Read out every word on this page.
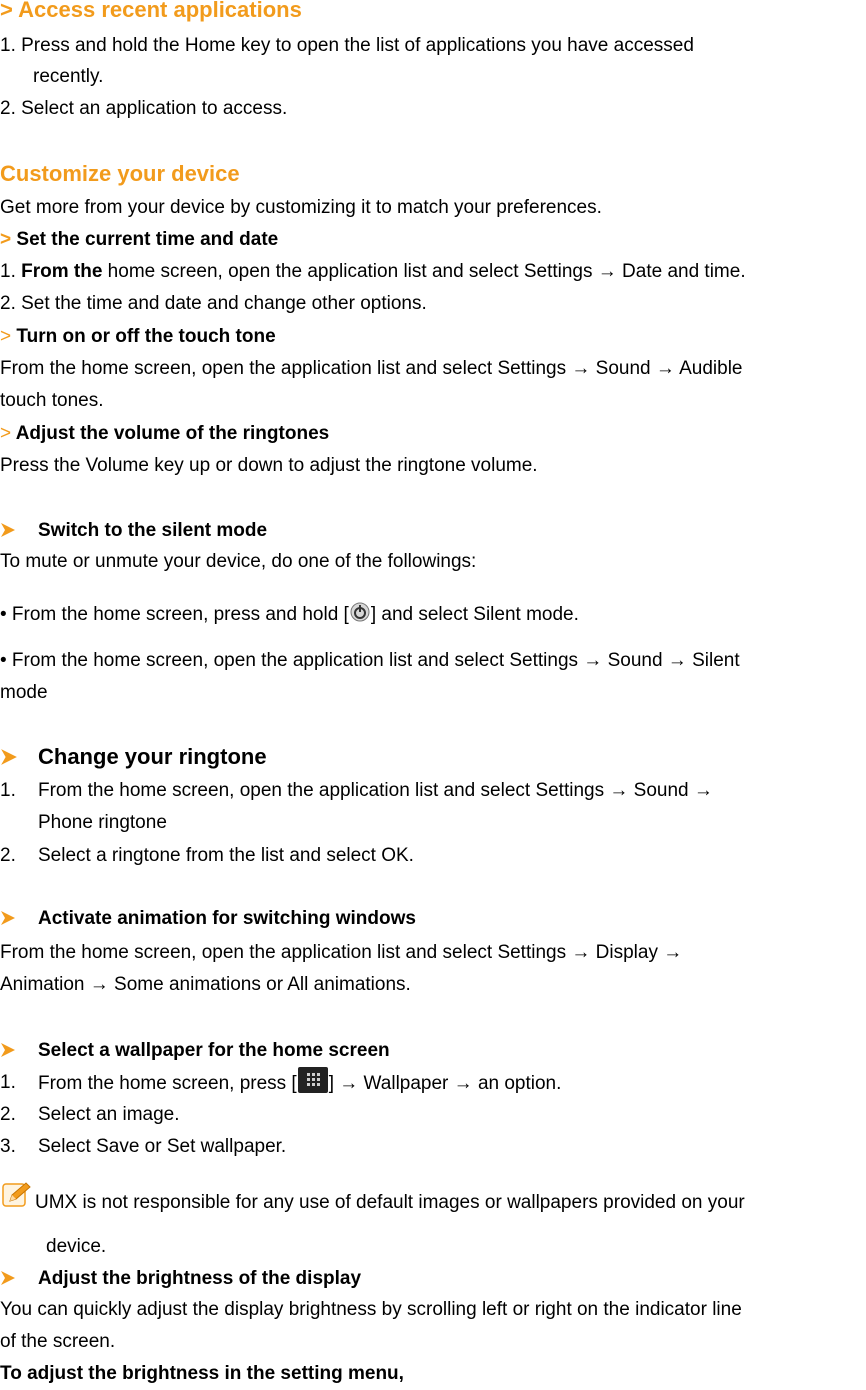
> Access recent applications
1. Press and hold the Home key to open the list of applications you have accessed
recently.
2. Select an application to access.
Customize your device
Get more from your device by customizing it to match your preferences.
> Set the current time and date
1. From the home screen, open the application list and select Settings → Date and time.
2. Set the time and date and change other options.
> Turn on or off the touch tone
From the home screen, open the application list and select Settings → Sound → Audible
touch tones.
> Adjust the volume of the ringtones
Press the Volume key up or down to adjust the ringtone volume.
Switch to the silent mode
To mute or unmute your device, do one of the followings:
• From the home screen, press and hold [ ] and select Silent mode.
• From the home screen, open the application list and select Settings → Sound → Silent
mode
Change your ringtone
1. From the home screen, open the application list and select Settings → Sound →
Phone ringtone
2. Select a ringtone from the list and select OK.
Activate animation for switching windows
From the home screen, open the application list and select Settings → Display →
Animation → Some animations or All animations.
Select a wallpaper for the home screen
1. From the home screen, press [ ] → Wallpaper → an option.
2. Select an image.
3. Select Save or Set wallpaper.
UMX is not responsible for any use of default images or wallpapers provided on your
device.
Adjust the brightness of the display
You can quickly adjust the display brightness by scrolling left or right on the indicator line
of the screen.
To adjust the brightness in the setting menu,
